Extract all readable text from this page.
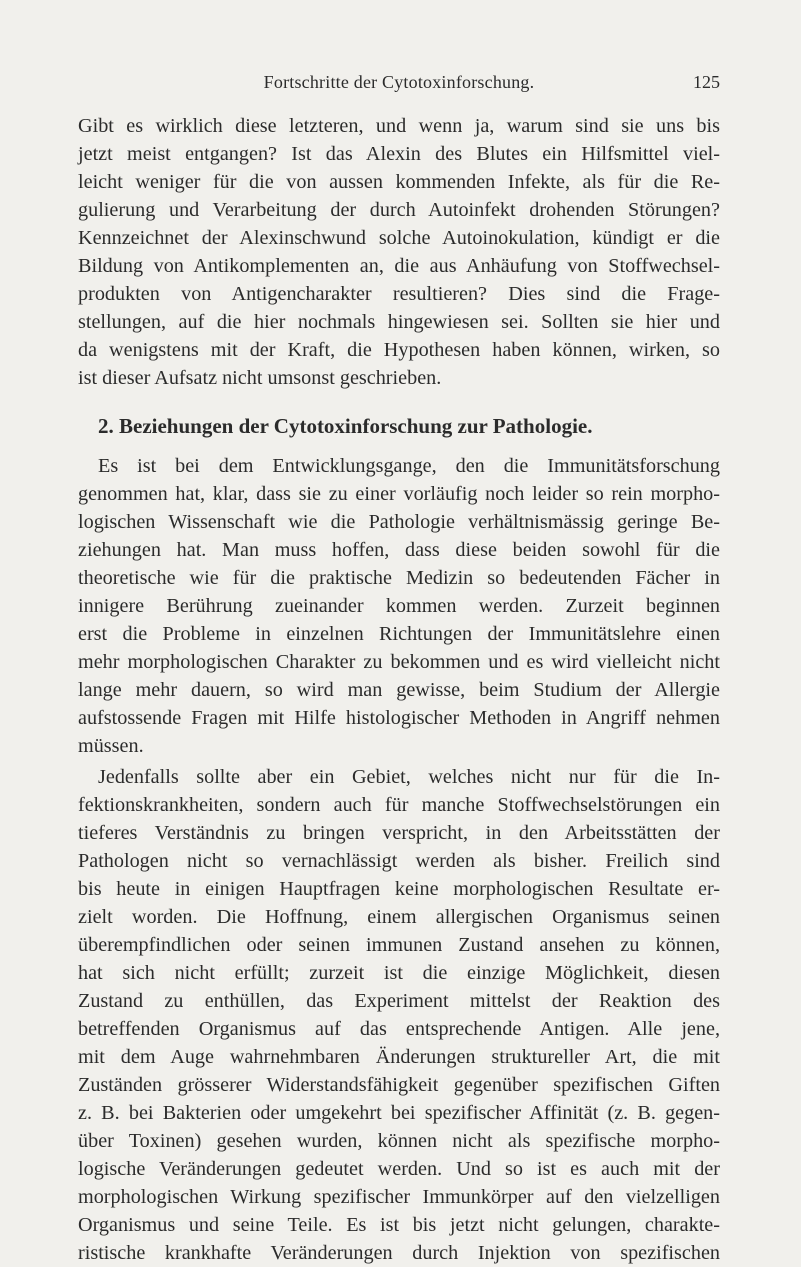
Fortschritte der Cytotoxinforschung.	125
Gibt es wirklich diese letzteren, und wenn ja, warum sind sie uns bis
jetzt meist entgangen? Ist das Alexin des Blutes ein Hilfsmittel viel-
leicht weniger für die von aussen kommenden Infekte, als für die Re-
gulierung und Verarbeitung der durch Autoinfekt drohenden Störungen?
Kennzeichnet der Alexinschwund solche Autoinokulation, kündigt er die
Bildung von Antikomplementen an, die aus Anhäufung von Stoffwechsel-
produkten von Antigencharakter resultieren? Dies sind die Frage-
stellungen, auf die hier nochmals hingewiesen sei. Sollten sie hier und
da wenigstens mit der Kraft, die Hypothesen haben können, wirken, so
ist dieser Aufsatz nicht umsonst geschrieben.
2. Beziehungen der Cytotoxinforschung zur Pathologie.
Es ist bei dem Entwicklungsgange, den die Immunitätsforschung
genommen hat, klar, dass sie zu einer vorläufig noch leider so rein morpho-
logischen Wissenschaft wie die Pathologie verhältnismässig geringe Be-
ziehungen hat. Man muss hoffen, dass diese beiden sowohl für die
theoretische wie für die praktische Medizin so bedeutenden Fächer in
innigere Berührung zueinander kommen werden. Zurzeit beginnen
erst die Probleme in einzelnen Richtungen der Immunitätslehre einen
mehr morphologischen Charakter zu bekommen und es wird vielleicht nicht
lange mehr dauern, so wird man gewisse, beim Studium der Allergie
aufstossende Fragen mit Hilfe histologischer Methoden in Angriff nehmen
müssen.
Jedenfalls sollte aber ein Gebiet, welches nicht nur für die In-
fektionskrankheiten, sondern auch für manche Stoffwechselstörungen ein
tieferes Verständnis zu bringen verspricht, in den Arbeitsstätten der
Pathologen nicht so vernachlässigt werden als bisher. Freilich sind
bis heute in einigen Hauptfragen keine morphologischen Resultate er-
zielt worden. Die Hoffnung, einem allergischen Organismus seinen
überempfindlichen oder seinen immunen Zustand ansehen zu können,
hat sich nicht erfüllt; zurzeit ist die einzige Möglichkeit, diesen
Zustand zu enthüllen, das Experiment mittelst der Reaktion des
betreffenden Organismus auf das entsprechende Antigen. Alle jene,
mit dem Auge wahrnehmbaren Änderungen struktureller Art, die mit
Zuständen grösserer Widerstandsfähigkeit gegenüber spezifischen Giften
z. B. bei Bakterien oder umgekehrt bei spezifischer Affinität (z. B. gegen-
über Toxinen) gesehen wurden, können nicht als spezifische morpho-
logische Veränderungen gedeutet werden. Und so ist es auch mit der
morphologischen Wirkung spezifischer Immunkörper auf den vielzelligen
Organismus und seine Teile. Es ist bis jetzt nicht gelungen, charakte-
ristische krankhafte Veränderungen durch Injektion von spezifischen
